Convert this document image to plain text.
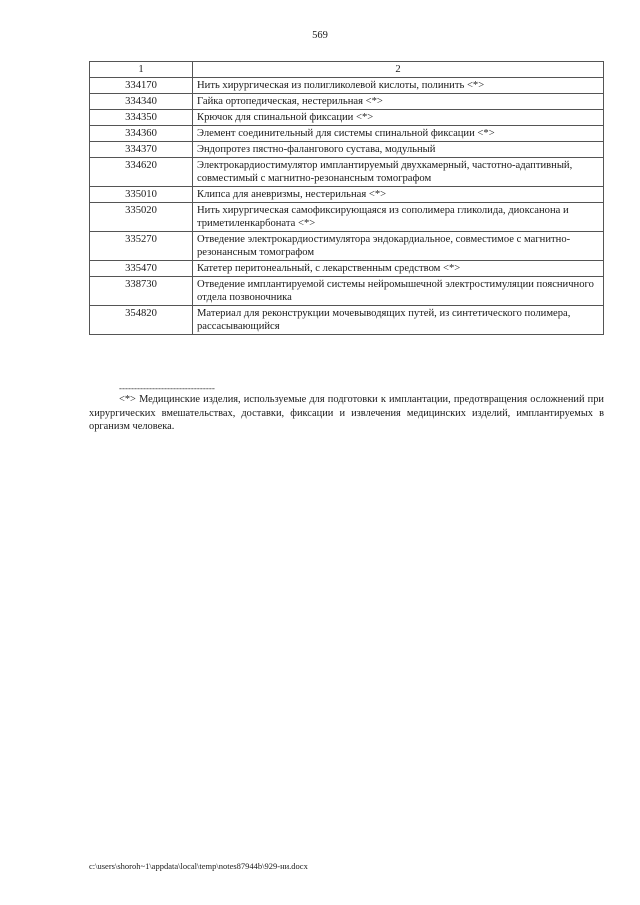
569
1	2
334170	Нить хирургическая из полигликолевой кислоты, полинить <*>
334340	Гайка ортопедическая, нестерильная <*>
334350	Крючок для спинальной фиксации <*>
334360	Элемент соединительный для системы спинальной фиксации <*>
334370	Эндопротез пястно-фалангового сустава, модульный
334620	Электрокардиостимулятор имплантируемый двухкамерный, частотно-адаптивный, совместимый с магнитно-резонансным томографом
335010	Клипса для аневризмы, нестерильная <*>
335020	Нить хирургическая самофиксирующаяся из сополимера гликолида, диоксанона и триметиленкарбоната <*>
335270	Отведение электрокардиостимулятора эндокардиальное, совместимое с магнитно-резонансным томографом
335470	Катетер перитонеальный, с лекарственным средством <*>
338730	Отведение имплантируемой системы нейромышечной электростимуляции поясничного отдела позвоночника
354820	Материал для реконструкции мочевыводящих путей, из синтетического полимера, рассасывающийся
--------------------------------
<*> Медицинские изделия, используемые для подготовки к имплантации, предотвращения осложнений при хирургических вмешательствах, доставки, фиксации и извлечения медицинских изделий, имплантируемых в организм человека.
c:\users\shoroh~1\appdata\local\temp\notes87944b\929-ни.docx
